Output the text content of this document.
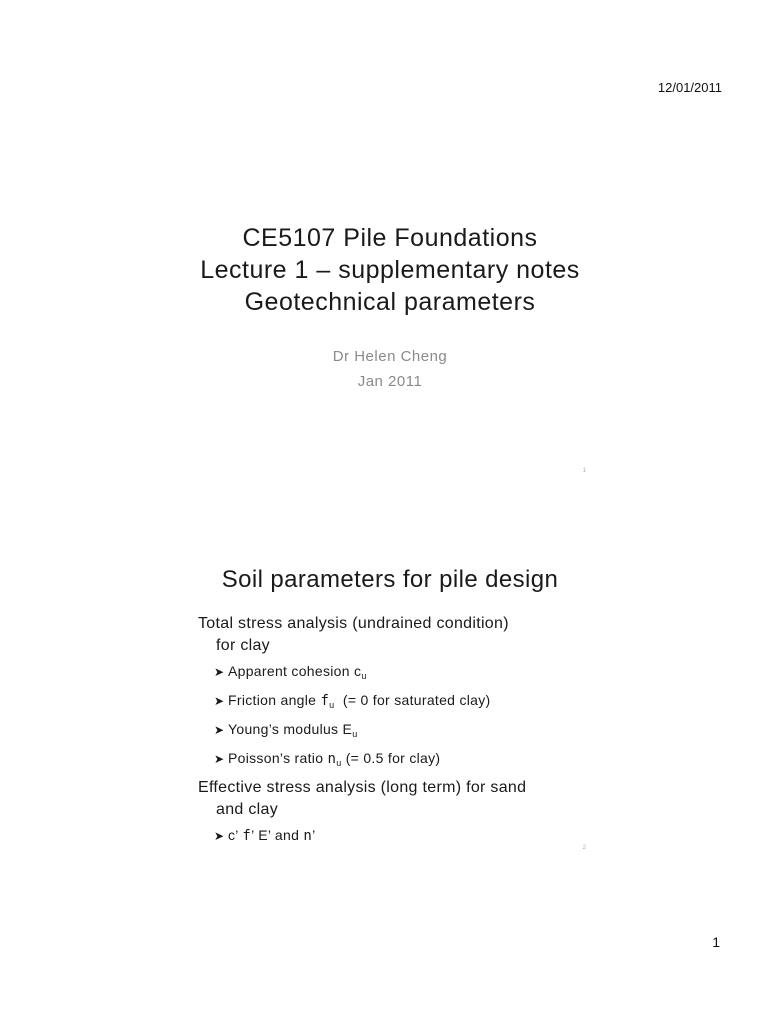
12/01/2011
CE5107 Pile Foundations
Lecture 1 – supplementary notes
Geotechnical parameters
Dr Helen Cheng
Jan 2011
1
Soil parameters for pile design
Total stress analysis (undrained condition)
for clay
➤ Apparent cohesion $c_u$
➤ Friction angle $f_u$  (= 0 for saturated clay)
➤ Young’s modulus $E_u$
➤ Poisson’s ratio $n_u$ (= 0.5 for clay)
Effective stress analysis (long term) for sand
and clay
➤ c’ f’ E’ and n’
2
1
